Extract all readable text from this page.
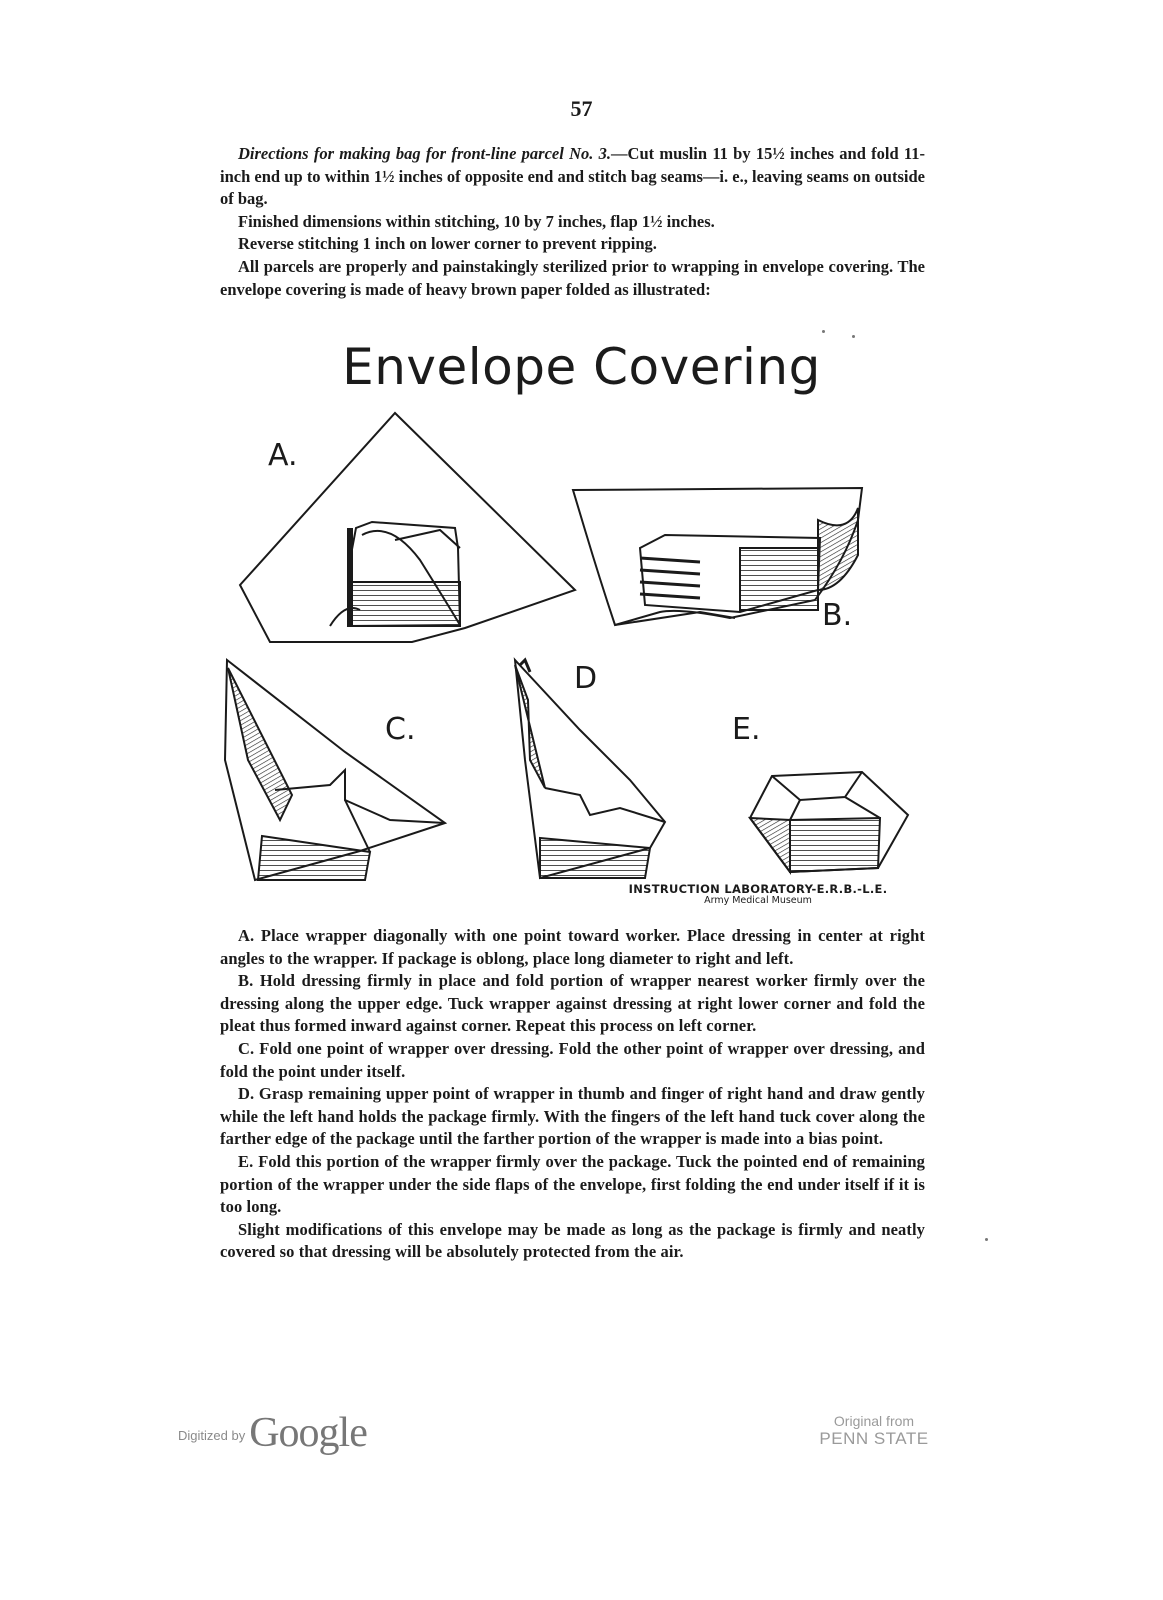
57

Directions for making bag for front-line parcel No. 3.—Cut muslin 11 by 15½ inches and fold 11-inch end up to within 1½ inches of opposite end and stitch bag seams—i. e., leaving seams on outside of bag.

Finished dimensions within stitching, 10 by 7 inches, flap 1½ inches.

Reverse stitching 1 inch on lower corner to prevent ripping.

All parcels are properly and painstakingly sterilized prior to wrapping in envelope covering. The envelope covering is made of heavy brown paper folded as illustrated:

Envelope Covering
A.
B.
C.
D
E.
INSTRUCTION LABORATORY-E.R.B.-L.E.
Army Medical Museum

A. Place wrapper diagonally with one point toward worker. Place dressing in center at right angles to the wrapper. If package is oblong, place long diameter to right and left.

B. Hold dressing firmly in place and fold portion of wrapper nearest worker firmly over the dressing along the upper edge. Tuck wrapper against dressing at right lower corner and fold the pleat thus formed inward against corner. Repeat this process on left corner.

C. Fold one point of wrapper over dressing. Fold the other point of wrapper over dressing, and fold the point under itself.

D. Grasp remaining upper point of wrapper in thumb and finger of right hand and draw gently while the left hand holds the package firmly. With the fingers of the left hand tuck cover along the farther edge of the package until the farther portion of the wrapper is made into a bias point.

E. Fold this portion of the wrapper firmly over the package. Tuck the pointed end of remaining portion of the wrapper under the side flaps of the envelope, first folding the end under itself if it is too long.

Slight modifications of this envelope may be made as long as the package is firmly and neatly covered so that dressing will be absolutely protected from the air.

$^{Digitized by}$ Google	Original from
PENN STATE
